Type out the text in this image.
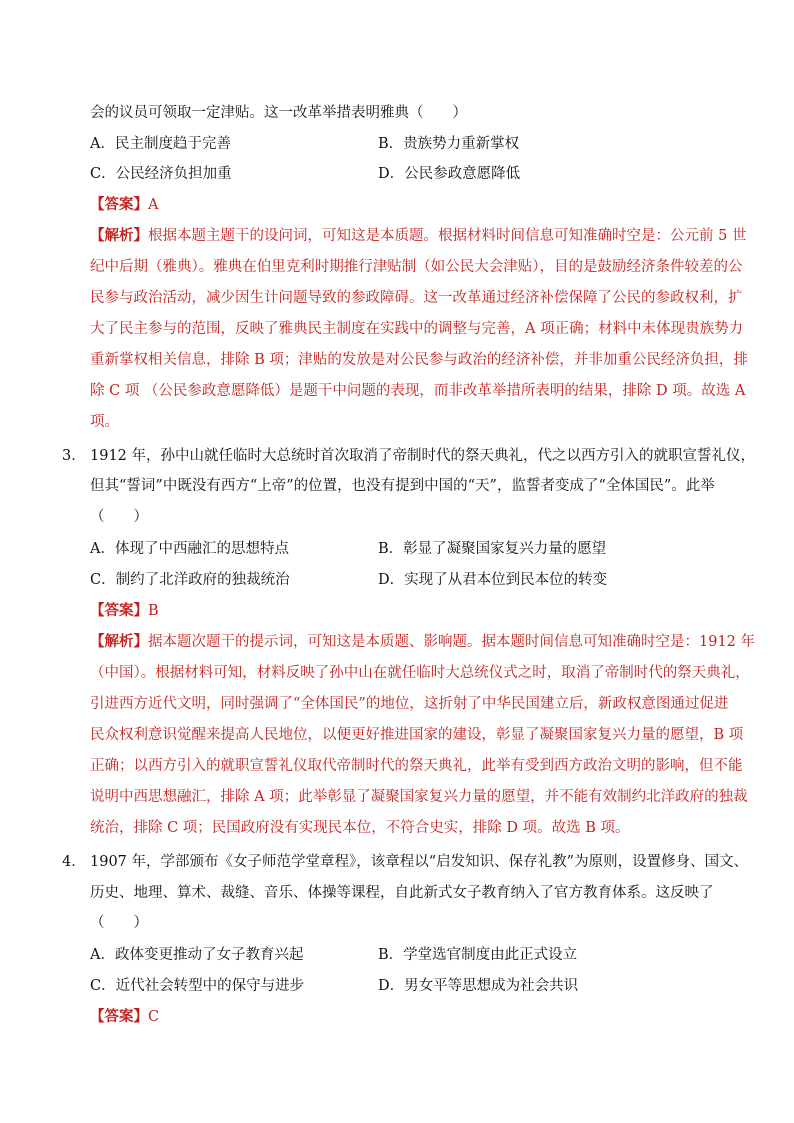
会的议员可领取一定津贴。这一改革举措表明雅典（　　）
A．民主制度趋于完善	B．贵族势力重新掌权
C．公民经济负担加重	D．公民参政意愿降低
【答案】A
【解析】根据本题主题干的设问词，可知这是本质题。根据材料时间信息可知准确时空是：公元前 5 世
纪中后期（雅典）。雅典在伯里克利时期推行津贴制（如公民大会津贴），目的是鼓励经济条件较差的公
民参与政治活动，减少因生计问题导致的参政障碍。这一改革通过经济补偿保障了公民的参政权利，扩
大了民主参与的范围，反映了雅典民主制度在实践中的调整与完善，A 项正确；材料中未体现贵族势力
重新掌权相关信息，排除 B 项；津贴的发放是对公民参与政治的经济补偿，并非加重公民经济负担，排
除 C 项 （公民参政意愿降低）是题干中问题的表现，而非改革举措所表明的结果，排除 D 项。故选 A
项。
3． 1912 年，孙中山就任临时大总统时首次取消了帝制时代的祭天典礼，代之以西方引入的就职宣誓礼仪，
但其“誓词”中既没有西方“上帝”的位置，也没有提到中国的“天”，监誓者变成了“全体国民”。此举
（　　）
A．体现了中西融汇的思想特点	B．彰显了凝聚国家复兴力量的愿望
C．制约了北洋政府的独裁统治	D．实现了从君本位到民本位的转变
【答案】B
【解析】据本题次题干的提示词，可知这是本质题、影响题。据本题时间信息可知准确时空是：1912 年
（中国）。根据材料可知，材料反映了孙中山在就任临时大总统仪式之时，取消了帝制时代的祭天典礼，
引进西方近代文明，同时强调了“全体国民”的地位，这折射了中华民国建立后，新政权意图通过促进
民众权利意识觉醒来提高人民地位，以便更好推进国家的建设，彰显了凝聚国家复兴力量的愿望，B 项
正确；以西方引入的就职宣誓礼仪取代帝制时代的祭天典礼，此举有受到西方政治文明的影响，但不能
说明中西思想融汇，排除 A 项；此举彰显了凝聚国家复兴力量的愿望，并不能有效制约北洋政府的独裁
统治，排除 C 项；民国政府没有实现民本位，不符合史实，排除 D 项。故选 B 项。
4． 1907 年，学部颁布《女子师范学堂章程》，该章程以“启发知识、保存礼教”为原则，设置修身、国文、
历史、地理、算术、裁缝、音乐、体操等课程，自此新式女子教育纳入了官方教育体系。这反映了
（　　）
A．政体变更推动了女子教育兴起	B．学堂选官制度由此正式设立
C．近代社会转型中的保守与进步	D．男女平等思想成为社会共识
【答案】C
